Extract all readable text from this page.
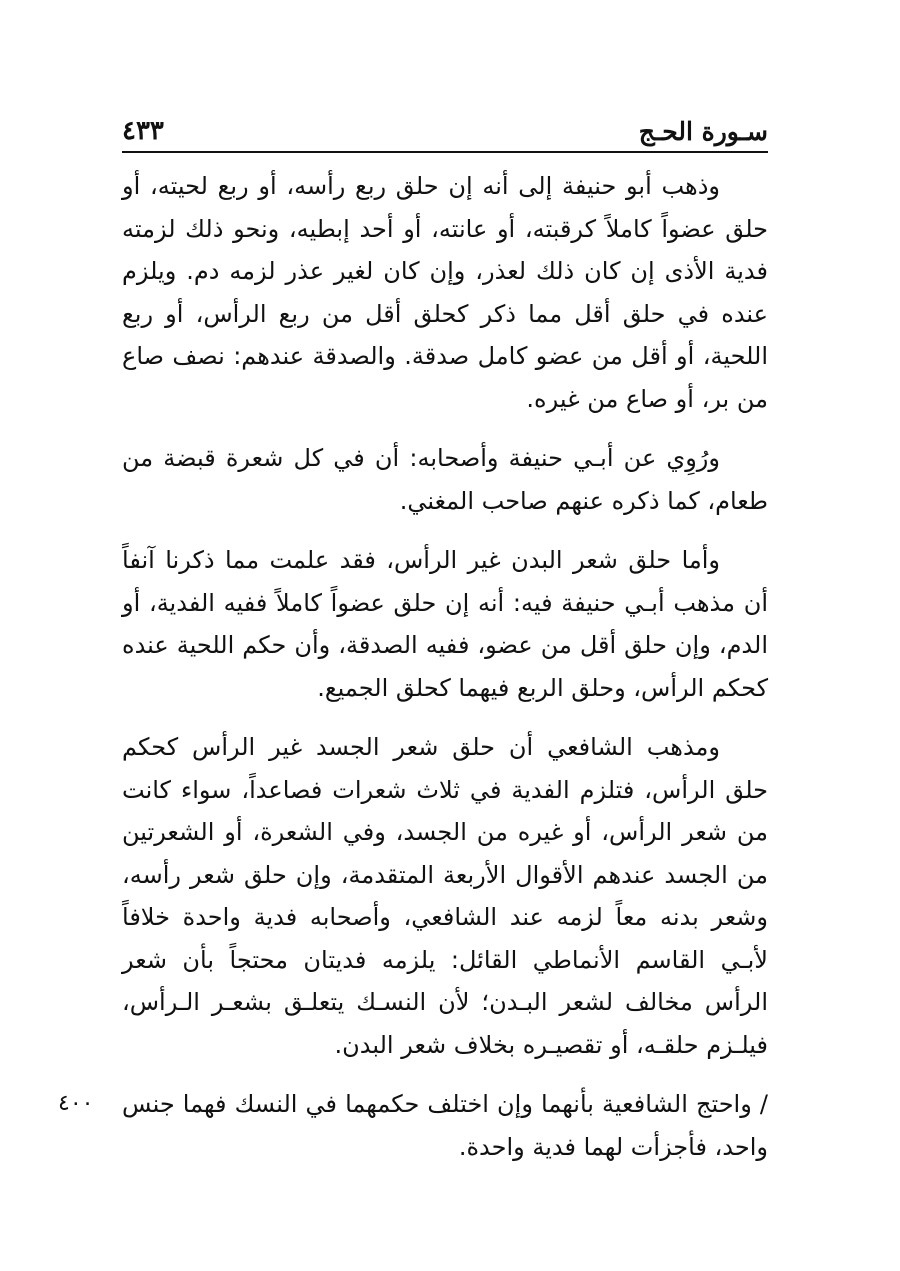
سـورة الحـج
٤٣٣

وذهب أبو حنيفة إلى أنه إن حلق ربع رأسه، أو ربع لحيته، أو حلق عضواً كاملاً كرقبته، أو عانته، أو أحد إبطيه، ونحو ذلك لزمته فدية الأذى إن كان ذلك لعذر، وإن كان لغير عذر لزمه دم. ويلزم عنده في حلق أقل مما ذكر كحلق أقل من ربع الرأس، أو ربع اللحية، أو أقل من عضو كامل صدقة. والصدقة عندهم: نصف صاع من بر، أو صاع من غيره.

ورُوِي عن أبـي حنيفة وأصحابه: أن في كل شعرة قبضة من طعام، كما ذكره عنهم صاحب المغني.

وأما حلق شعر البدن غير الرأس، فقد علمت مما ذكرنا آنفاً أن مذهب أبـي حنيفة فيه: أنه إن حلق عضواً كاملاً ففيه الفدية، أو الدم، وإن حلق أقل من عضو، ففيه الصدقة، وأن حكم اللحية عنده كحكم الرأس، وحلق الربع فيهما كحلق الجميع.

ومذهب الشافعي أن حلق شعر الجسد غير الرأس كحكم حلق الرأس، فتلزم الفدية في ثلاث شعرات فصاعداً، سواء كانت من شعر الرأس، أو غيره من الجسد، وفي الشعرة، أو الشعرتين من الجسد عندهم الأقوال الأربعة المتقدمة، وإن حلق شعر رأسه، وشعر بدنه معاً لزمه عند الشافعي، وأصحابه فدية واحدة خلافاً لأبـي القاسم الأنماطي القائل: يلزمه فديتان محتجاً بأن شعر الرأس مخالف لشعر البـدن؛ لأن النسـك يتعلـق بشعـر الـرأس، فيلـزم حلقـه، أو تقصيـره بخلاف شعر البدن.

/ واحتج الشافعية بأنهما وإن اختلف حكمهما في النسك فهما جنس واحد، فأجزأت لهما فدية واحدة.

٤٠٠
